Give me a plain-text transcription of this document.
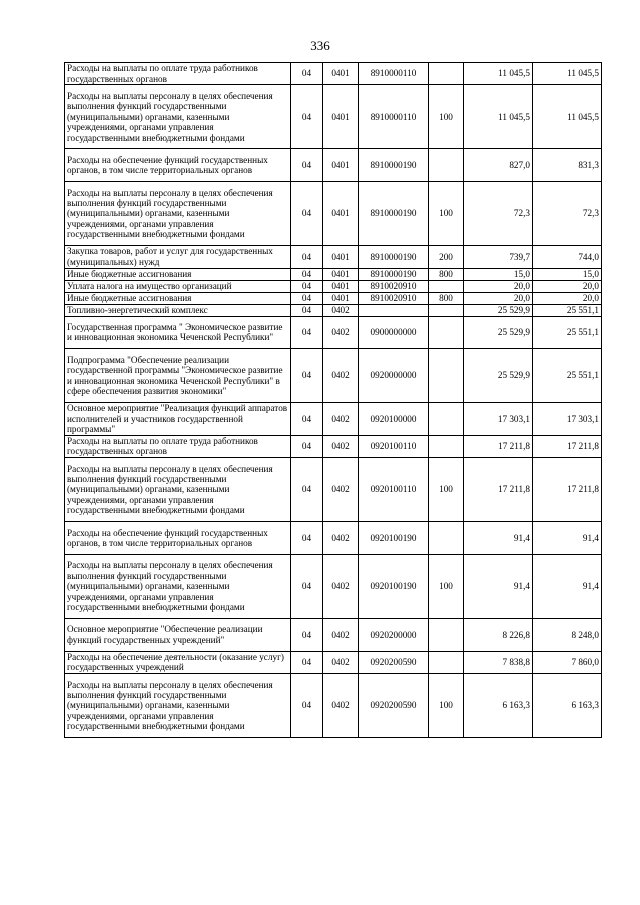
336
Расходы на выплаты по оплате труда работников государственных органов	04	0401	8910000110		11 045,5	11 045,5
Расходы на выплаты персоналу в целях обеспечения выполнения функций государственными (муниципальными) органами, казенными учреждениями, органами управления государственными внебюджетными фондами	04	0401	8910000110	100	11 045,5	11 045,5
Расходы на обеспечение функций государственных органов, в том числе территориальных органов	04	0401	8910000190		827,0	831,3
Расходы на выплаты персоналу в целях обеспечения выполнения функций государственными (муниципальными) органами, казенными учреждениями, органами управления государственными внебюджетными фондами	04	0401	8910000190	100	72,3	72,3
Закупка товаров, работ и услуг для государственных (муниципальных) нужд	04	0401	8910000190	200	739,7	744,0
Иные бюджетные ассигнования	04	0401	8910000190	800	15,0	15,0
Уплата налога на имущество организаций	04	0401	8910020910		20,0	20,0
Иные бюджетные ассигнования	04	0401	8910020910	800	20,0	20,0
Топливно-энергетический комплекс	04	0402			25 529,9	25 551,1
Государственная программа " Экономическое развитие и инновационная экономика Чеченской Республики"	04	0402	0900000000		25 529,9	25 551,1
Подпрограмма "Обеспечение реализации государственной программы "Экономическое развитие и инновационная экономика Чеченской Республики" в сфере обеспечения развития экономики"	04	0402	0920000000		25 529,9	25 551,1
Основное мероприятие "Реализация функций аппаратов исполнителей и участников государственной программы"	04	0402	0920100000		17 303,1	17 303,1
Расходы на выплаты по оплате труда работников государственных органов	04	0402	0920100110		17 211,8	17 211,8
Расходы на выплаты персоналу в целях обеспечения выполнения функций государственными (муниципальными) органами, казенными учреждениями, органами управления государственными внебюджетными фондами	04	0402	0920100110	100	17 211,8	17 211,8
Расходы на обеспечение функций государственных органов, в том числе территориальных органов	04	0402	0920100190		91,4	91,4
Расходы на выплаты персоналу в целях обеспечения выполнения функций государственными (муниципальными) органами, казенными учреждениями, органами управления государственными внебюджетными фондами	04	0402	0920100190	100	91,4	91,4
Основное мероприятие "Обеспечение реализации функций государственных учреждений"	04	0402	0920200000		8 226,8	8 248,0
Расходы на обеспечение деятельности (оказание услуг) государственных учреждений	04	0402	0920200590		7 838,8	7 860,0
Расходы на выплаты персоналу в целях обеспечения выполнения функций государственными (муниципальными) органами, казенными учреждениями, органами управления государственными внебюджетными фондами	04	0402	0920200590	100	6 163,3	6 163,3
